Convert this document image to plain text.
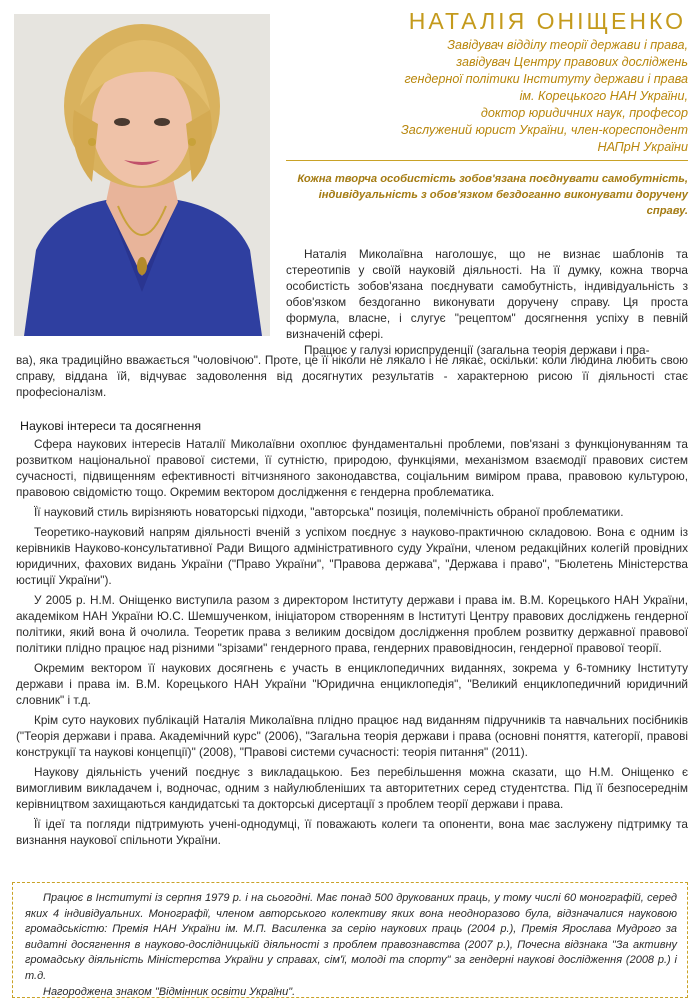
НАТАЛІЯ ОНІЩЕНКО

Завідувач відділу теорії держави і права,
завідувач Центру правових досліджень
гендерної політики Інституту держави і права
ім. Корецького НАН України,
доктор юридичних наук, професор
Заслужений юрист України, член-кореспондент
НАПрН України

Кожна творча особистість зобов'язана поєднувати самобутність, індивідуальність з обов'язком бездоганно виконувати доручену справу.

Наталія Миколаївна наголошує, що не визнає шаблонів та стереотипів у своїй науковій діяльності. На її думку, кожна творча особистість зобов'язана поєднувати самобутність, індивідуальність з обов'язком бездоганно виконувати доручену справу. Ця проста формула, власне, і слугує "рецептом" досягнення успіху в певній визначеній сфері.

Працює у галузі юриспруденції (загальна теорія держави і пра-

ва), яка традиційно вважається "чоловічою". Проте, це її ніколи не лякало і не лякає, оскільки: коли людина любить свою справу, віддана їй, відчуває задоволення від досягнутих результатів - характерною рисою її діяльності стає професіоналізм.

Наукові інтереси та досягнення

Сфера наукових інтересів Наталії Миколаївни охоплює фундаментальні проблеми, пов'язані з функціонуванням та розвитком національної правової системи, її сутністю, природою, функціями, механізмом взаємодії правових систем сучасності, підвищенням ефективності вітчизняного законодавства, соціальним виміром права, правовою культурою, правовою свідомістю тощо. Окремим вектором дослідження є гендерна проблематика.

Її науковий стиль вирізняють новаторські підходи, "авторська" позиція, полемічність обраної проблематики.

Теоретико-науковий напрям діяльності вченій з успіхом поєднує з науково-практичною складовою. Вона є одним із керівників Науково-консультативної Ради Вищого адміністративного суду України, членом редакційних колегій провідних юридичних, фахових видань України ("Право України", "Правова держава", "Держава і право", "Бюлетень Міністерства юстиції України").

У 2005 р. Н.М. Оніщенко виступила разом з директором Інституту держави і права ім. В.М. Корецького НАН України, академіком НАН України Ю.С. Шемшученком, ініціатором створенням в Інституті Центру правових досліджень гендерної політики, який вона й очолила. Теоретик права з великим досвідом дослідження проблем розвитку державної правової політики плідно працює над різними "зрізами" гендерного права, гендерних правовідносин, гендерної правової теорії.

Окремим вектором її наукових досягнень є участь в енциклопедичних виданнях, зокрема у 6-томнику Інституту держави і права ім. В.М. Корецького НАН України "Юридична енциклопедія", "Великий енциклопедичний юридичний словник" і т.д.

Крім суто наукових публікацій Наталія Миколаївна плідно працює над виданням підручників та навчальних посібників ("Теорія держави і права. Академічний курс" (2006), "Загальна теорія держави і права (основні поняття, категорії, правові конструкції та наукові концепції)" (2008), "Правові системи сучасності: теорія питання" (2011).

Наукову діяльність учений поєднує з викладацькою. Без перебільшення можна сказати, що Н.М. Оніщенко є вимогливим викладачем і, водночас, одним з найулюбленіших та авторитетних серед студентства. Під її безпосереднім керівництвом захищаються кандидатські та докторські дисертації з проблем теорії держави і права.

Її ідеї та погляди підтримують учені-однодумці, її поважають колеги та опоненти, вона має заслужену підтримку та визнання наукової спільноти України.

Працює в Інституті із серпня 1979 р. і на сьогодні. Має понад 500 друкованих праць, у тому числі 60 монографій, серед яких 4 індивідуальних. Монографії, членом авторського колективу яких вона неодноразово була, відзначалися науковою громадськістю: Премія НАН України ім. М.П. Василенка за серію наукових праць (2004 р.), Премія Ярослава Мудрого за видатні досягнення в науково-дослідницькій діяльності з проблем правознавства (2007 р.), Почесна відзнака "За активну громадську діяльність Міністерства України у справах, сім'ї, молоді та спорту" за гендерні наукові дослідження (2008 р.) і т.д.

Нагороджена знаком "Відмінник освіти України".
